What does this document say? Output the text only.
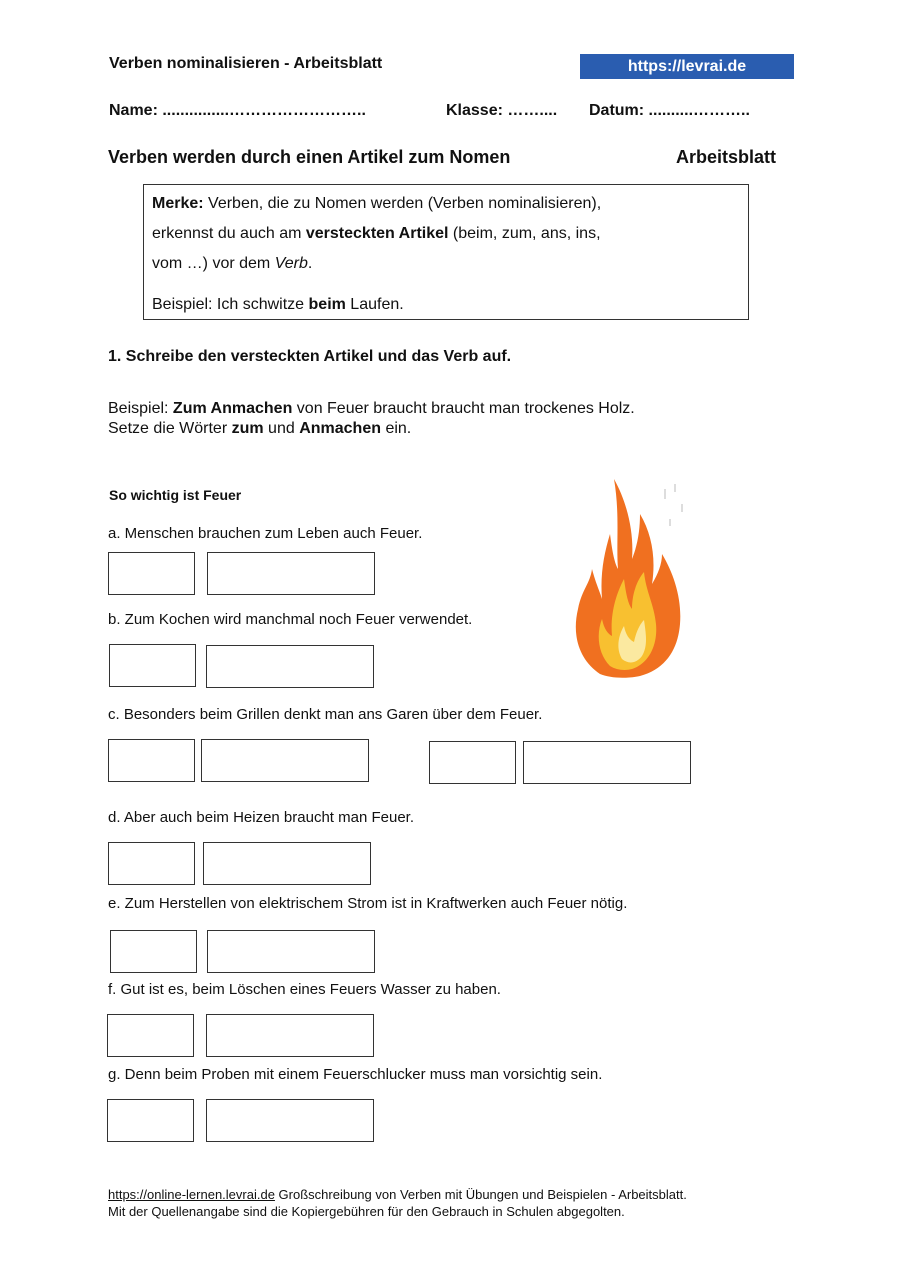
Verben nominalisieren - Arbeitsblatt	https://levrai.de
Name: ...............……………………..	Klasse: …….... Datum: ..........………..
Verben werden durch einen Artikel zum Nomen	Arbeitsblatt

Merke: Verben, die zu Nomen werden (Verben nominalisieren),

erkennst du auch am versteckten Artikel (beim, zum, ans, ins,

vom …) vor dem Verb.

Beispiel: Ich schwitze beim Laufen.

1. Schreibe den versteckten Artikel und das Verb auf.

Beispiel: Zum Anmachen von Feuer braucht braucht man trockenes Holz.

Setze die Wörter zum und Anmachen ein.

So wichtig ist Feuer
a. Menschen brauchen zum Leben auch Feuer.
b. Zum Kochen wird manchmal noch Feuer verwendet.
c. Besonders beim Grillen denkt man ans Garen über dem Feuer.
d. Aber auch beim Heizen braucht man Feuer.
e. Zum Herstellen von elektrischem Strom ist in Kraftwerken auch Feuer nötig.
f. Gut ist es, beim Löschen eines Feuers Wasser zu haben.
g. Denn beim Proben mit einem Feuerschlucker muss man vorsichtig sein.

https://online-lernen.levrai.de Großschreibung von Verben mit Übungen und Beispielen - Arbeitsblatt.

Mit der Quellenangabe sind die Kopiergebühren für den Gebrauch in Schulen abgegolten.
